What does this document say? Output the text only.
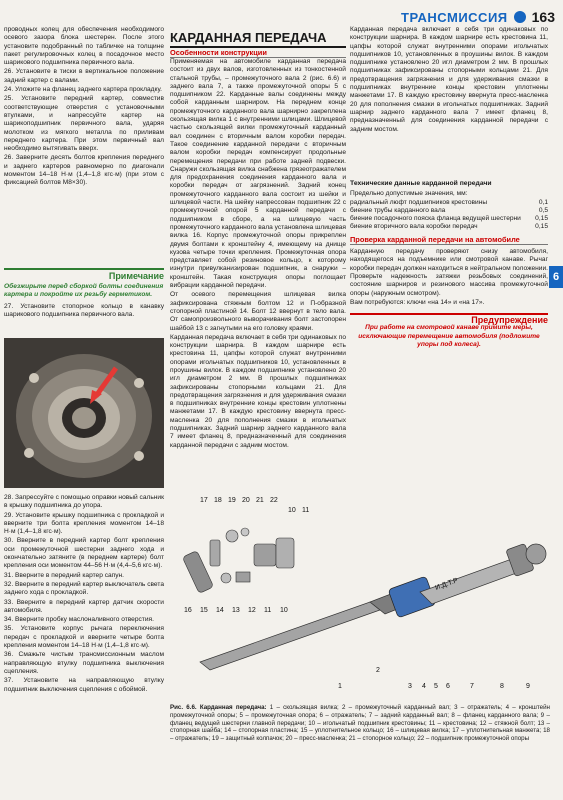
ТРАНСМИССИЯ 163
6

проводных колец для обеспечения необходимого осевого зазора блока шестерен. После этого установите подобранный по табличке на толщине пакет регулировочных колец в посадочное место шарикового подшипника первичного вала.

26. Установите в тиски в вертикальное положение задний картер с валами.

24. Уложите на фланец заднего картера прокладку.

25. Установите передний картер, совместив соответствующие отверстия с установочными втулками, и напрессуйте картер на шарикоподшипник первичного вала, ударяя молотком из мягкого металла по приливам переднего картера. При этом первичный вал необходимо вытягивать вверх.

26. Заверните десять болтов крепления переднего и заднего картеров равномерно по диагонали моментом 14–18 Н·м (1,4–1,8 кгс·м) (при этом с фиксацией болтов M8×30).

Примечание
Обезжирьте перед сборкой болты соединения картера и покройте их резьбу герметиком.
27. Установите стопорное кольцо в канавку шарикового подшипника первичного вала.

28. Запрессуйте с помощью оправки новый сальник в крышку подшипника до упора.

29. Установите крышку подшипника с прокладкой и вверните три болта крепления моментом 14–18 Н·м (1,4–1,8 кгс·м).

30. Вверните в передний картер болт крепления оси промежуточной шестерни заднего хода и окончательно затяните (в переднем картере) болт крепления оси моментом 44–56 Н·м (4,4–5,6 кгс·м).

31. Вверните в передний картер сапун.

32. Вверните в передний картер выключатель света заднего хода с прокладкой.

33. Вверните в передний картер датчик скорости автомобиля.

34. Вверните пробку маслоналивного отверстия.

35. Установите корпус рычага переключения передач с прокладкой и вверните четыре болта крепления моментом 14–18 Н·м (1,4–1,8 кгс·м).

36. Смажьте чистым трансмиссионным маслом направляющую втулку подшипника выключения сцепления.

37. Установите на направляющую втулку подшипник выключения сцепления с обоймой.

КАРДАННАЯ ПЕРЕДАЧА
Особенности конструкции

Применяемая на автомобиле карданная передача состоит из двух валов, изготовленных из тонкостенной стальной трубы, – промежуточного вала 2 (рис. 6.6) и заднего вала 7, а также промежуточной опоры 5 с подшипником 22. Карданные валы соединены между собой карданным шарниром. На переднем конце промежуточного карданного вала шарнирно закреплена скользящая вилка 1 с внутренними шлицами. Шлицевой частью скользящей вилки промежуточный карданный вал соединен с вторичным валом коробки передач. Такое соединение карданной передачи с вторичным валом коробки передач компенсирует продольные перемещения передачи при работе задней подвески. Снаружи скользящая вилка снабжена грязеотражателем для предохранения соединения карданного вала и коробки передач от загрязнений. Задний конец промежуточного карданного вала состоит из шейки и шлицевой части. На шейку напрессован подшипник 22 с промежуточной опорой 5 карданной передачи с подшипником в сборе, а на шлицевую часть промежуточного карданного вала установлена шлицевая вилка 16. Корпус промежуточной опоры прикреплен двумя болтами к кронштейну 4, имеющему на днище кузова четыре точки крепления. Промежуточная опора представляет собой резиновое кольцо, к которому изнутри привулканизирован подшипник, а снаружи – кронштейн. Такая конструкция опоры поглощает вибрации карданной передачи.

От осевого перемещения шлицевая вилка зафиксирована стяжным болтом 12 и П-образной стопорной пластиной 14. Болт 12 ввернут в тело вала. От самопроизвольного выворачивания болт застопорен шайбой 13 с загнутыми на его головку краями.

Карданная передача включает в себя три одинаковых по конструкции шарнира. В каждом шарнире есть крестовина 11, цапфы которой служат внутренними опорами игольчатых подшипников 10, установленных в проушины вилок. В каждом подшипнике установлено 20 игл диаметром 2 мм. В прошлых подшипниках зафиксированы стопорными кольцами 21. Для предотвращения загрязнения и для удерживания смазки в подшипниках внутренние концы крестовин уплотнены манжетами 17. В каждую крестовину ввернута пресс-масленка 20 для пополнения смазки в игольчатых подшипниках. Задний шарнир заднего карданного вала 7 имеет фланец 8, предназначенный для соединения карданной передачи с задним мостом.

Карданная передача включает в себя три одинаковых по конструкции шарнира. В каждом шарнире есть крестовина 11, цапфы которой служат внутренними опорами игольчатых подшипников 10, установленных в проушины вилок. В каждом подшипнике установлено 20 игл диаметром 2 мм. В прошлых подшипниках зафиксированы стопорными кольцами 21. Для предотвращения загрязнения и для удерживания смазки в подшипниках внутренние концы крестовин уплотнены манжетами 17. В каждую крестовину ввернута пресс-масленка 20 для пополнения смазки в игольчатых подшипниках. Задний шарнир заднего карданного вала 7 имеет фланец 8, предназначенный для соединения карданной передачи с задним мостом.

Технические данные карданной передачи
Предельно допустимые значения, мм:
радиальный люфт подшипников крестовины	0,1
биение трубы карданного вала	0,5
биение посадочного пояска фланца ведущей шестерни 0,15
биение вторичного вала коробки передач	0,15
Проверка карданной передачи на автомобиле

Карданную передачу проверяют снизу автомобиля, находящегося на подъемнике или смотровой канаве. Рычаг коробки передач должен находиться в нейтральном положении. Проверьте надежность затяжки резьбовых соединений, состояние шарниров и резинового массива промежуточной опоры (наружным осмотром).

Вам потребуются: ключи «на 14» и «на 17».

Предупреждение
При работе на смотровой канаве примите меры, исключающие перемещение автомобиля (подложите упоры под колеса).
И.Д.Т.Р
17 18 19 20 21 22
10 11
16 15 14 13 12 11 10
1
2
3 4 5 6	7	8	9
Рис. 6.6. Карданная передача: 1 – скользящая вилка; 2 – промежуточный карданный вал; 3 – отражатель; 4 – кронштейн промежуточной опоры; 5 – промежуточная опора; 6 – отражатель; 7 – задний карданный вал; 8 – фланец карданного вала; 9 – фланец ведущей шестерни главной передачи; 10 – игольчатый подшипник крестовины; 11 – крестовина; 12 – стяжной болт; 13 – стопорная шайба; 14 – стопорная пластина; 15 – уплотнительное кольцо; 16 – шлицевая вилка; 17 – уплотнительная манжета; 18 – отражатель; 19 – защитный колпачок; 20 – пресс-масленка; 21 – стопорное кольцо; 22 – подшипник промежуточной опоры
